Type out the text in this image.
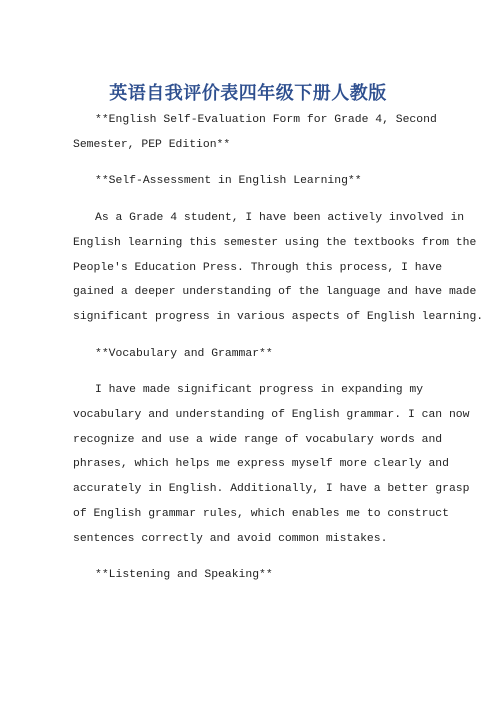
英语自我评价表四年级下册人教版

**English Self-Evaluation Form for Grade 4, Second
Semester, PEP Edition**

**Self-Assessment in English Learning**

As a Grade 4 student, I have been actively involved in
English learning this semester using the textbooks from the
People's Education Press. Through this process, I have
gained a deeper understanding of the language and have made
significant progress in various aspects of English learning.

**Vocabulary and Grammar**

I have made significant progress in expanding my
vocabulary and understanding of English grammar. I can now
recognize and use a wide range of vocabulary words and
phrases, which helps me express myself more clearly and
accurately in English. Additionally, I have a better grasp
of English grammar rules, which enables me to construct
sentences correctly and avoid common mistakes.

**Listening and Speaking**
